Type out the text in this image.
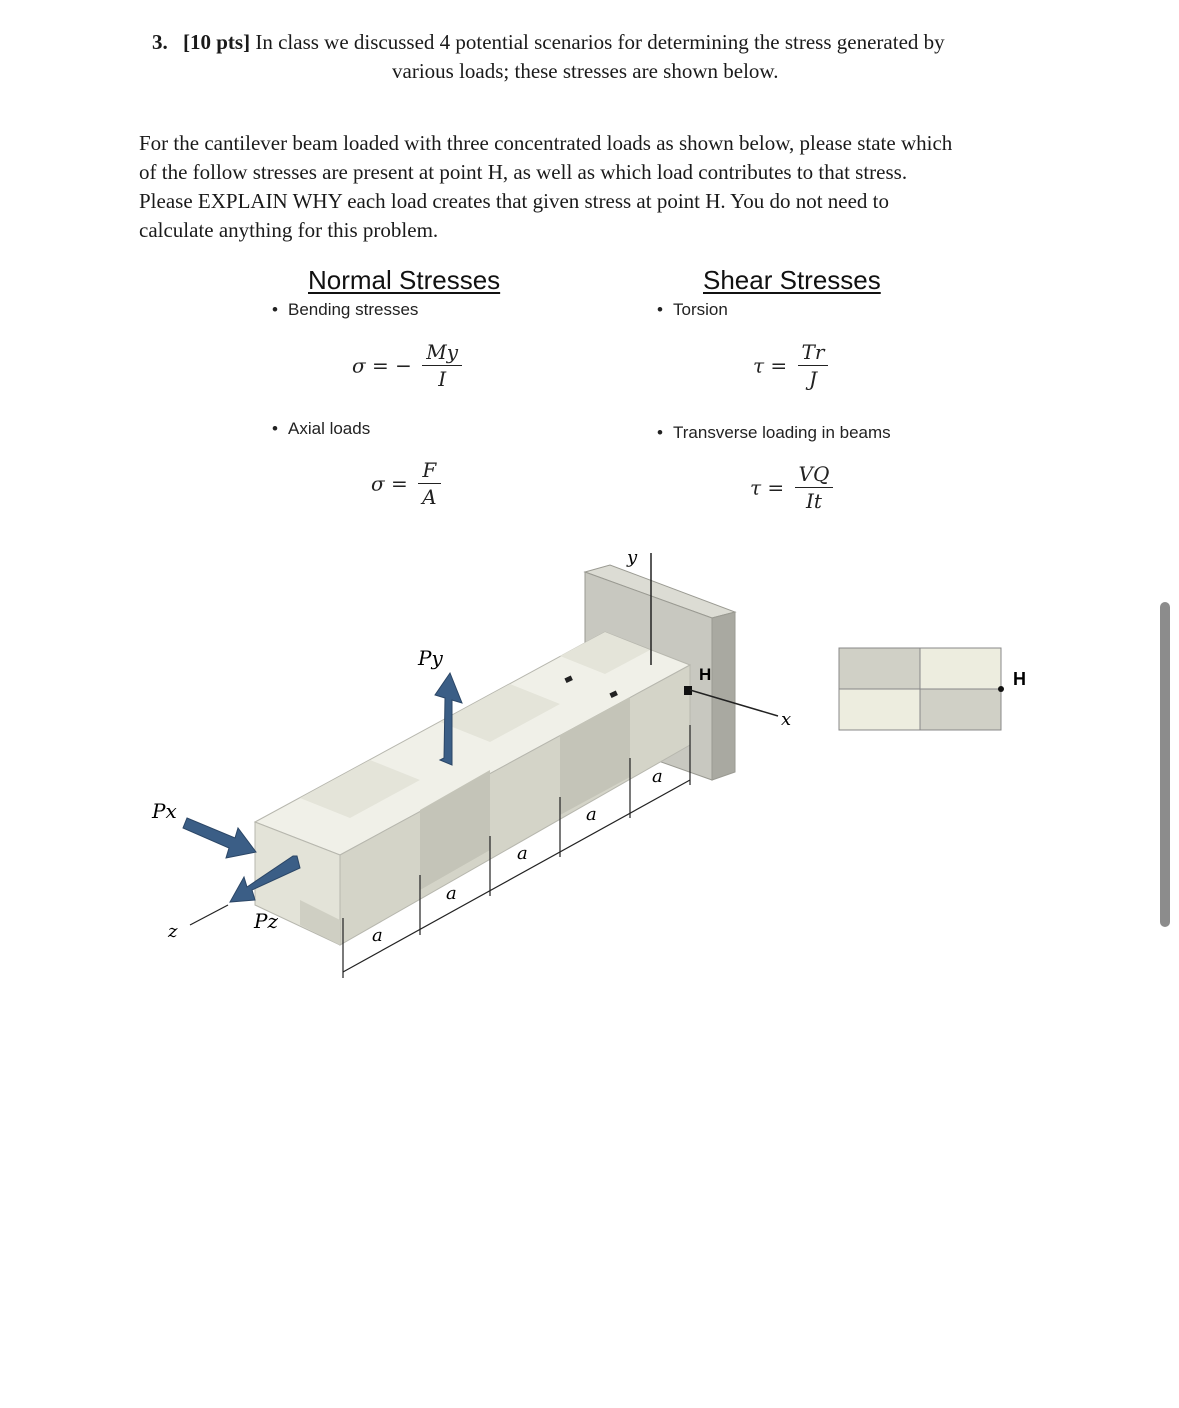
3. [10 pts] In class we discussed 4 potential scenarios for determining the stress generated by
various loads; these stresses are shown below.

For the cantilever beam loaded with three concentrated loads as shown below, please state which

of the follow stresses are present at point H, as well as which load contributes to that stress.

Please EXPLAIN WHY each load creates that given stress at point H. You do not need to

calculate anything for this problem.

Normal Stresses
• Bending stresses
σ = − $\frac{My}{I}$
• Axial loads
$\sigma = \frac{F}{A}$
Shear Stresses
• Torsion
$\tau = \frac{Tr}{J}$
• Transverse loading in beams
$\tau = \frac{VQ}{It}$
y
x
z
Px
Pz
Py
H
a
a
a
a
a
H
